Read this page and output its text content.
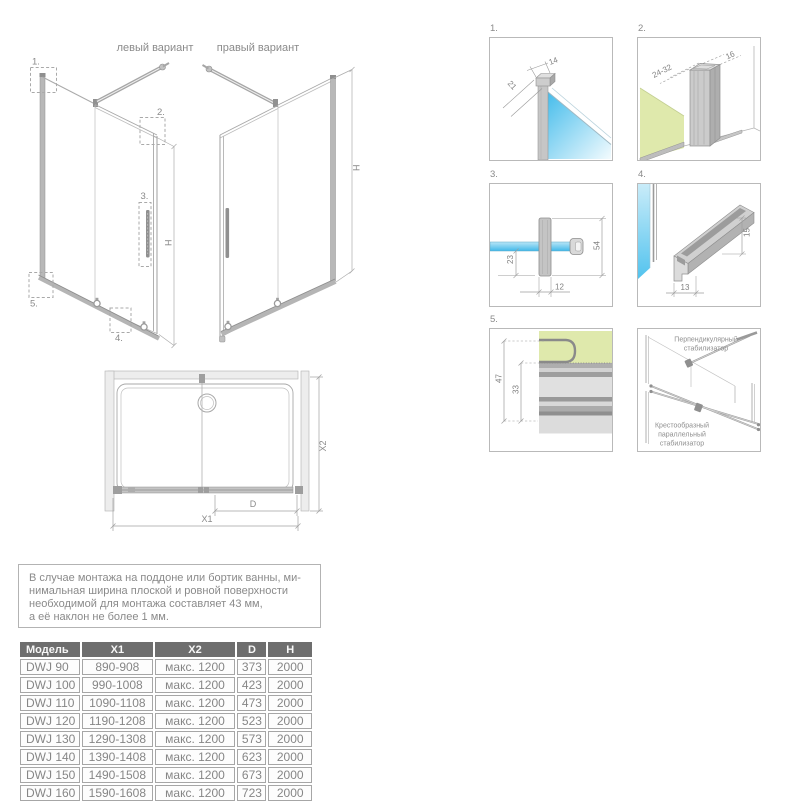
левый вариант
H
1.
2.
3.
4.
5.
правый вариант
H
1.
14
21
2.
24-32
16
3.
54
23
12
4.
15
13
5.
47
33
Перпендикулярный
стабилизатор
Крестообразный
параллельный
стабилизатор
D
X1
X2
В случае монтажа на поддоне или бортик ванны, ми-
нимальная ширина плоской и ровной поверхности
необходимой для монтажа составляет 43 мм,
а её наклон не более 1 мм.
Модель	X1	X2	D	H
DWJ 90	890-908	макс. 1200	373	2000
DWJ 100	990-1008	макс. 1200	423	2000
DWJ 110	1090-1108	макс. 1200	473	2000
DWJ 120	1190-1208	макс. 1200	523	2000
DWJ 130	1290-1308	макс. 1200	573	2000
DWJ 140	1390-1408	макс. 1200	623	2000
DWJ 150	1490-1508	макс. 1200	673	2000
DWJ 160	1590-1608	макс. 1200	723	2000
